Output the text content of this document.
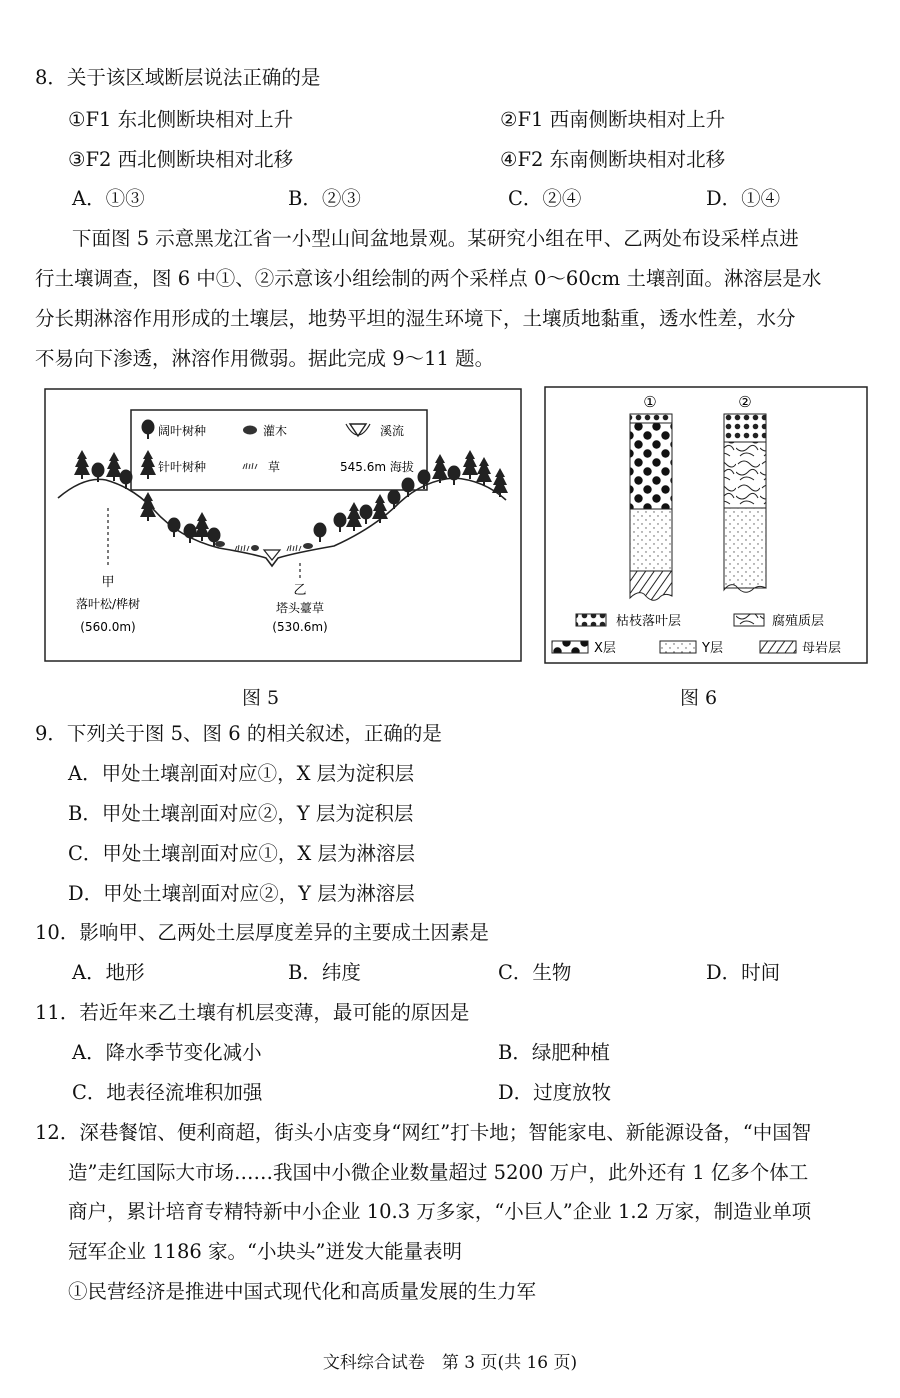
8．关于该区域断层说法正确的是
①F1 东北侧断块相对上升	②F1 西南侧断块相对上升
③F2 西北侧断块相对北移	④F2 东南侧断块相对北移
A．①③	B．②③	C．②④	D．①④
下面图 5 示意黑龙江省一小型山间盆地景观。某研究小组在甲、乙两处布设采样点进
行土壤调查，图 6 中①、②示意该小组绘制的两个采样点 0～60cm 土壤剖面。淋溶层是水
分长期淋溶作用形成的土壤层，地势平坦的湿生环境下，土壤质地黏重，透水性差，水分
不易向下渗透，淋溶作用微弱。据此完成 9～11 题。
阔叶树种	灌木	溪流
针叶树种	草	545.6m 海拔
甲
落叶松/桦树
(560.0m)
乙
塔头薹草
(530.6m)
图 5
①	②
枯枝落叶层	腐殖质层
X层	Y层	母岩层
图 6
9．下列关于图 5、图 6 的相关叙述，正确的是
A．甲处土壤剖面对应①，X 层为淀积层
B．甲处土壤剖面对应②，Y 层为淀积层
C．甲处土壤剖面对应①，X 层为淋溶层
D．甲处土壤剖面对应②，Y 层为淋溶层
10．影响甲、乙两处土层厚度差异的主要成土因素是
A．地形	B．纬度	C．生物	D．时间
11．若近年来乙土壤有机层变薄，最可能的原因是
A．降水季节变化减小	B．绿肥种植
C．地表径流堆积加强	D．过度放牧
12．深巷餐馆、便利商超，街头小店变身“网红”打卡地；智能家电、新能源设备，“中国智
造”走红国际大市场……我国中小微企业数量超过 5200 万户，此外还有 1 亿多个体工
商户，累计培育专精特新中小企业 10.3 万多家，“小巨人”企业 1.2 万家，制造业单项
冠军企业 1186 家。“小块头”迸发大能量表明
①民营经济是推进中国式现代化和高质量发展的生力军
文科综合试卷　第 3 页(共 16 页)
